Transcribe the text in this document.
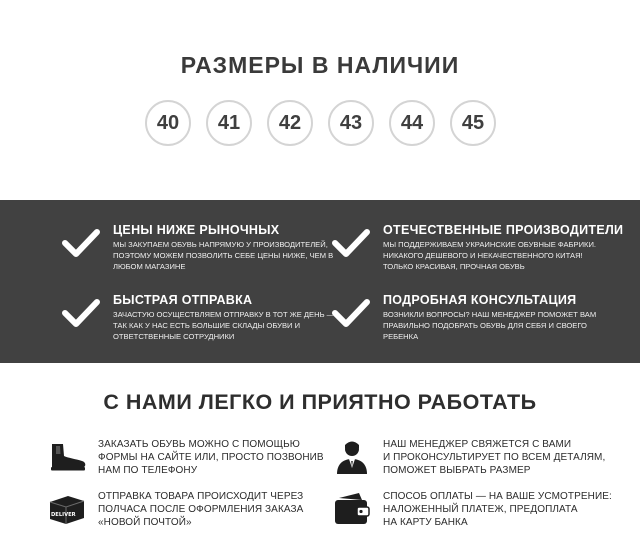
РАЗМЕРЫ В НАЛИЧИИ
40	41	42	43	44	45

ЦЕНЫ НИЖЕ РЫНОЧНЫХ

МЫ ЗАКУПАЕМ ОБУВЬ НАПРЯМУЮ У ПРОИЗВОДИТЕЛЕЙ,
ПОЭТОМУ МОЖЕМ ПОЗВОЛИТЬ СЕБЕ ЦЕНЫ НИЖЕ, ЧЕМ В
ЛЮБОМ МАГАЗИНЕ

ОТЕЧЕСТВЕННЫЕ ПРОИЗВОДИТЕЛИ

МЫ ПОДДЕРЖИВАЕМ УКРАИНСКИЕ ОБУВНЫЕ ФАБРИКИ.
НИКАКОГО ДЕШЕВОГО И НЕКАЧЕСТВЕННОГО КИТАЯ!
ТОЛЬКО КРАСИВАЯ, ПРОЧНАЯ ОБУВЬ

БЫСТРАЯ ОТПРАВКА

ЗАЧАСТУЮ ОСУЩЕСТВЛЯЕМ ОТПРАВКУ В ТОТ ЖЕ ДЕНЬ —
ТАК КАК У НАС ЕСТЬ БОЛЬШИЕ СКЛАДЫ ОБУВИ И
ОТВЕТСТВЕННЫЕ СОТРУДНИКИ

ПОДРОБНАЯ КОНСУЛЬТАЦИЯ

ВОЗНИКЛИ ВОПРОСЫ? НАШ МЕНЕДЖЕР ПОМОЖЕТ ВАМ
ПРАВИЛЬНО ПОДОБРАТЬ ОБУВЬ ДЛЯ СЕБЯ И СВОЕГО
РЕБЕНКА

С НАМИ ЛЕГКО И ПРИЯТНО РАБОТАТЬ

ЗАКАЗАТЬ ОБУВЬ МОЖНО С ПОМОЩЬЮ
ФОРМЫ НА САЙТЕ ИЛИ, ПРОСТО ПОЗВОНИВ
НАМ ПО ТЕЛЕФОНУ

НАШ МЕНЕДЖЕР СВЯЖЕТСЯ С ВАМИ
И ПРОКОНСУЛЬТИРУЕТ ПО ВСЕМ ДЕТАЛЯМ,
ПОМОЖЕТ ВЫБРАТЬ РАЗМЕР

DELIVER

ОТПРАВКА ТОВАРА ПРОИСХОДИТ ЧЕРЕЗ
ПОЛЧАСА ПОСЛЕ ОФОРМЛЕНИЯ ЗАКАЗА
«НОВОЙ ПОЧТОЙ»

СПОСОБ ОПЛАТЫ — НА ВАШЕ УСМОТРЕНИЕ:
НАЛОЖЕННЫЙ ПЛАТЕЖ, ПРЕДОПЛАТА
НА КАРТУ БАНКА
